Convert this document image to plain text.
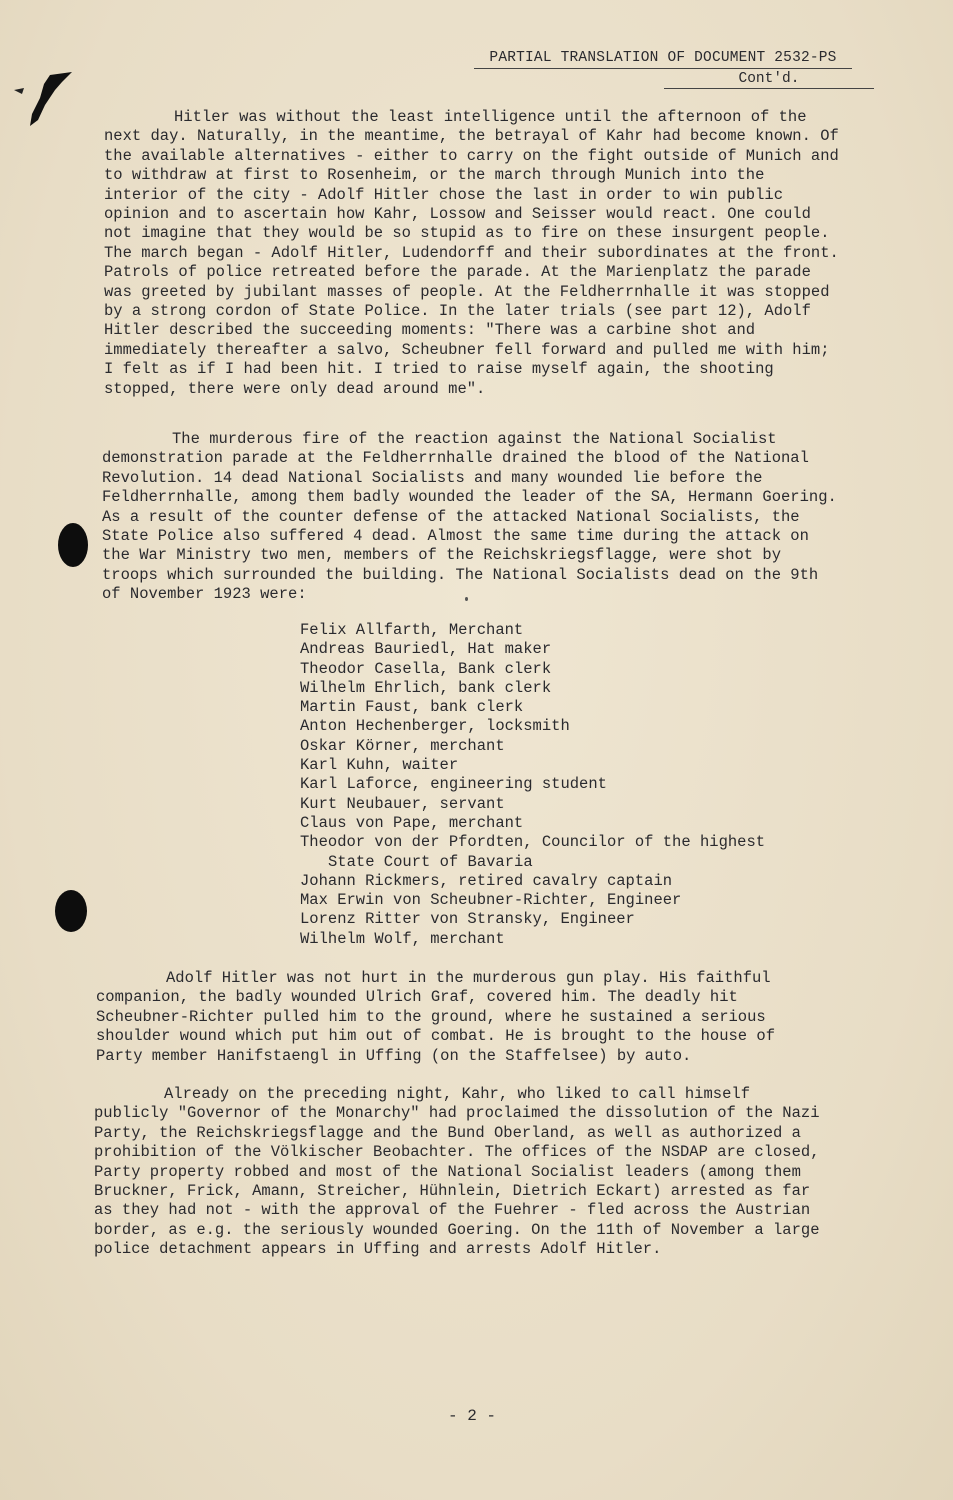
PARTIAL TRANSLATION OF DOCUMENT 2532-PS
Cont'd.

Hitler was without the least intelligence until the afternoon of the next day. Naturally, in the meantime, the betrayal of Kahr had become known. Of the available alternatives - either to carry on the fight outside of Munich and to withdraw at first to Rosenheim, or the march through Munich into the interior of the city - Adolf Hitler chose the last in order to win public opinion and to ascertain how Kahr, Lossow and Seisser would react. One could not imagine that they would be so stupid as to fire on these insurgent people. The march began - Adolf Hitler, Ludendorff and their subordinates at the front. Patrols of police retreated before the parade. At the Marienplatz the parade was greeted by jubilant masses of people. At the Feldherrnhalle it was stopped by a strong cordon of State Police. In the later trials (see part 12), Adolf Hitler described the succeeding moments: "There was a carbine shot and immediately thereafter a salvo, Scheubner fell forward and pulled me with him; I felt as if I had been hit. I tried to raise myself again, the shooting stopped, there were only dead around me".

The murderous fire of the reaction against the National Socialist demonstration parade at the Feldherrnhalle drained the blood of the National Revolution. 14 dead National Socialists and many wounded lie before the Feldherrnhalle, among them badly wounded the leader of the SA, Hermann Goering. As a result of the counter defense of the attacked National Socialists, the State Police also suffered 4 dead. Almost the same time during the attack on the War Ministry two men, members of the Reichskriegsflagge, were shot by troops which surrounded the building. The National Socialists dead on the 9th of November 1923 were:

Felix Allfarth, Merchant
Andreas Bauriedl, Hat maker
Theodor Casella, Bank clerk
Wilhelm Ehrlich, bank clerk
Martin Faust, bank clerk
Anton Hechenberger, locksmith
Oskar Körner, merchant
Karl Kuhn, waiter
Karl Laforce, engineering student
Kurt Neubauer, servant
Claus von Pape, merchant
Theodor von der Pfordten, Councilor of the highest
State Court of Bavaria
Johann Rickmers, retired cavalry captain
Max Erwin von Scheubner-Richter, Engineer
Lorenz Ritter von Stransky, Engineer
Wilhelm Wolf, merchant

Adolf Hitler was not hurt in the murderous gun play. His faithful companion, the badly wounded Ulrich Graf, covered him. The deadly hit Scheubner-Richter pulled him to the ground, where he sustained a serious shoulder wound which put him out of combat. He is brought to the house of Party member Hanifstaengl in Uffing (on the Staffelsee) by auto.

Already on the preceding night, Kahr, who liked to call himself publicly "Governor of the Monarchy" had proclaimed the dissolution of the Nazi Party, the Reichskriegsflagge and the Bund Oberland, as well as authorized a prohibition of the Völkischer Beobachter. The offices of the NSDAP are closed, Party property robbed and most of the National Socialist leaders (among them Bruckner, Frick, Amann, Streicher, Hühnlein, Dietrich Eckart) arrested as far as they had not - with the approval of the Fuehrer - fled across the Austrian border, as e.g. the seriously wounded Goering. On the 11th of November a large police detachment appears in Uffing and arrests Adolf Hitler.

- 2 -
